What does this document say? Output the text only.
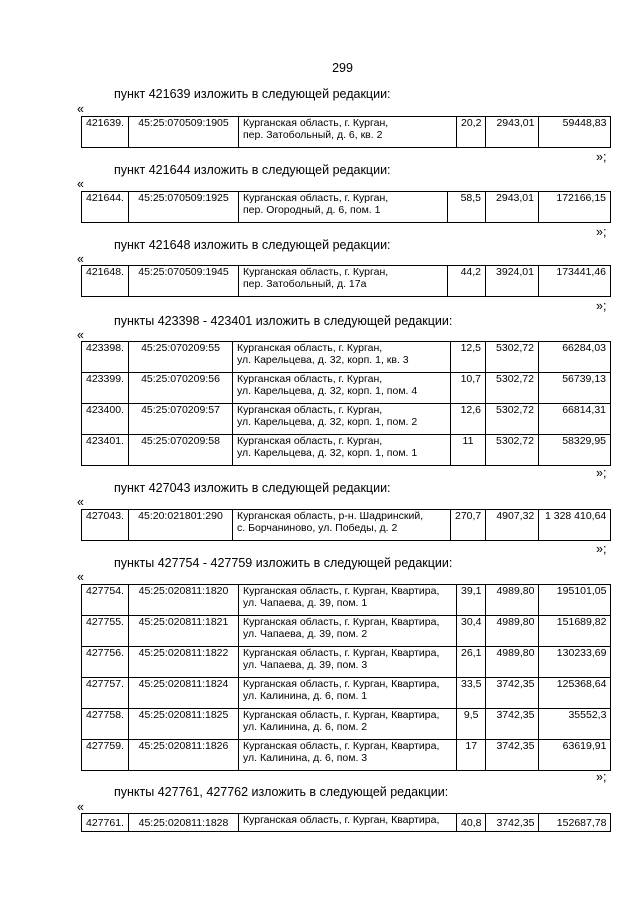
299
пункт 421639 изложить в следующей редакции:
«
421639.	45:25:070509:1905	Курганская область, г. Курган,
пер. Затобольный, д. 6, кв. 2
	20,2	2943,01	59448,83
»;
пункт 421644 изложить в следующей редакции:
«
421644.	45:25:070509:1925	Курганская область, г. Курган,
пер. Огородный, д. 6, пом. 1
	58,5	2943,01	172166,15
»;
пункт 421648 изложить в следующей редакции:
«
421648.	45:25:070509:1945	Курганская область, г. Курган,
пер. Затобольный, д. 17а
	44,2	3924,01	173441,46
»;
пункты 423398 - 423401 изложить в следующей редакции:
«
423398.	45:25:070209:55	Курганская область, г. Курган,
ул. Карельцева, д. 32, корп. 1, кв. 3	12,5	5302,72	66284,03
423399.	45:25:070209:56	Курганская область, г. Курган,
ул. Карельцева, д. 32, корп. 1, пом. 4	10,7	5302,72	56739,13
423400.	45:25:070209:57	Курганская область, г. Курган,
ул. Карельцева, д. 32, корп. 1, пом. 2	12,6	5302,72	66814,31
423401.	45:25:070209:58	Курганская область, г. Курган,
ул. Карельцева, д. 32, корп. 1, пом. 1	11	5302,72	58329,95
»;
пункт 427043 изложить в следующей редакции:
«
427043.	45:20:021801:290	Курганская область, р-н. Шадринский,
с. Борчаниново, ул. Победы, д. 2
	270,7	4907,32	1 328 410,64
»;
пункты 427754 - 427759 изложить в следующей редакции:
«
427754.	45:25:020811:1820	Курганская область, г. Курган, Квартира,
ул. Чапаева, д. 39, пом. 1	39,1	4989,80	195101,05
427755.	45:25:020811:1821	Курганская область, г. Курган, Квартира,
ул. Чапаева, д. 39, пом. 2	30,4	4989,80	151689,82
427756.	45:25:020811:1822	Курганская область, г. Курган, Квартира,
ул. Чапаева, д. 39, пом. 3	26,1	4989,80	130233,69
427757.	45:25:020811:1824	Курганская область, г. Курган, Квартира,
ул. Калинина, д. 6, пом. 1	33,5	3742,35	125368,64
427758.	45:25:020811:1825	Курганская область, г. Курган, Квартира,
ул. Калинина, д. 6, пом. 2	9,5	3742,35	35552,3
427759.	45:25:020811:1826	Курганская область, г. Курган, Квартира,
ул. Калинина, д. 6, пом. 3	17	3742,35	63619,91
»;
пункты 427761, 427762 изложить в следующей редакции:
«
427761.	45:25:020811:1828	Курганская область, г. Курган, Квартира,	40,8	3742,35	152687,78
